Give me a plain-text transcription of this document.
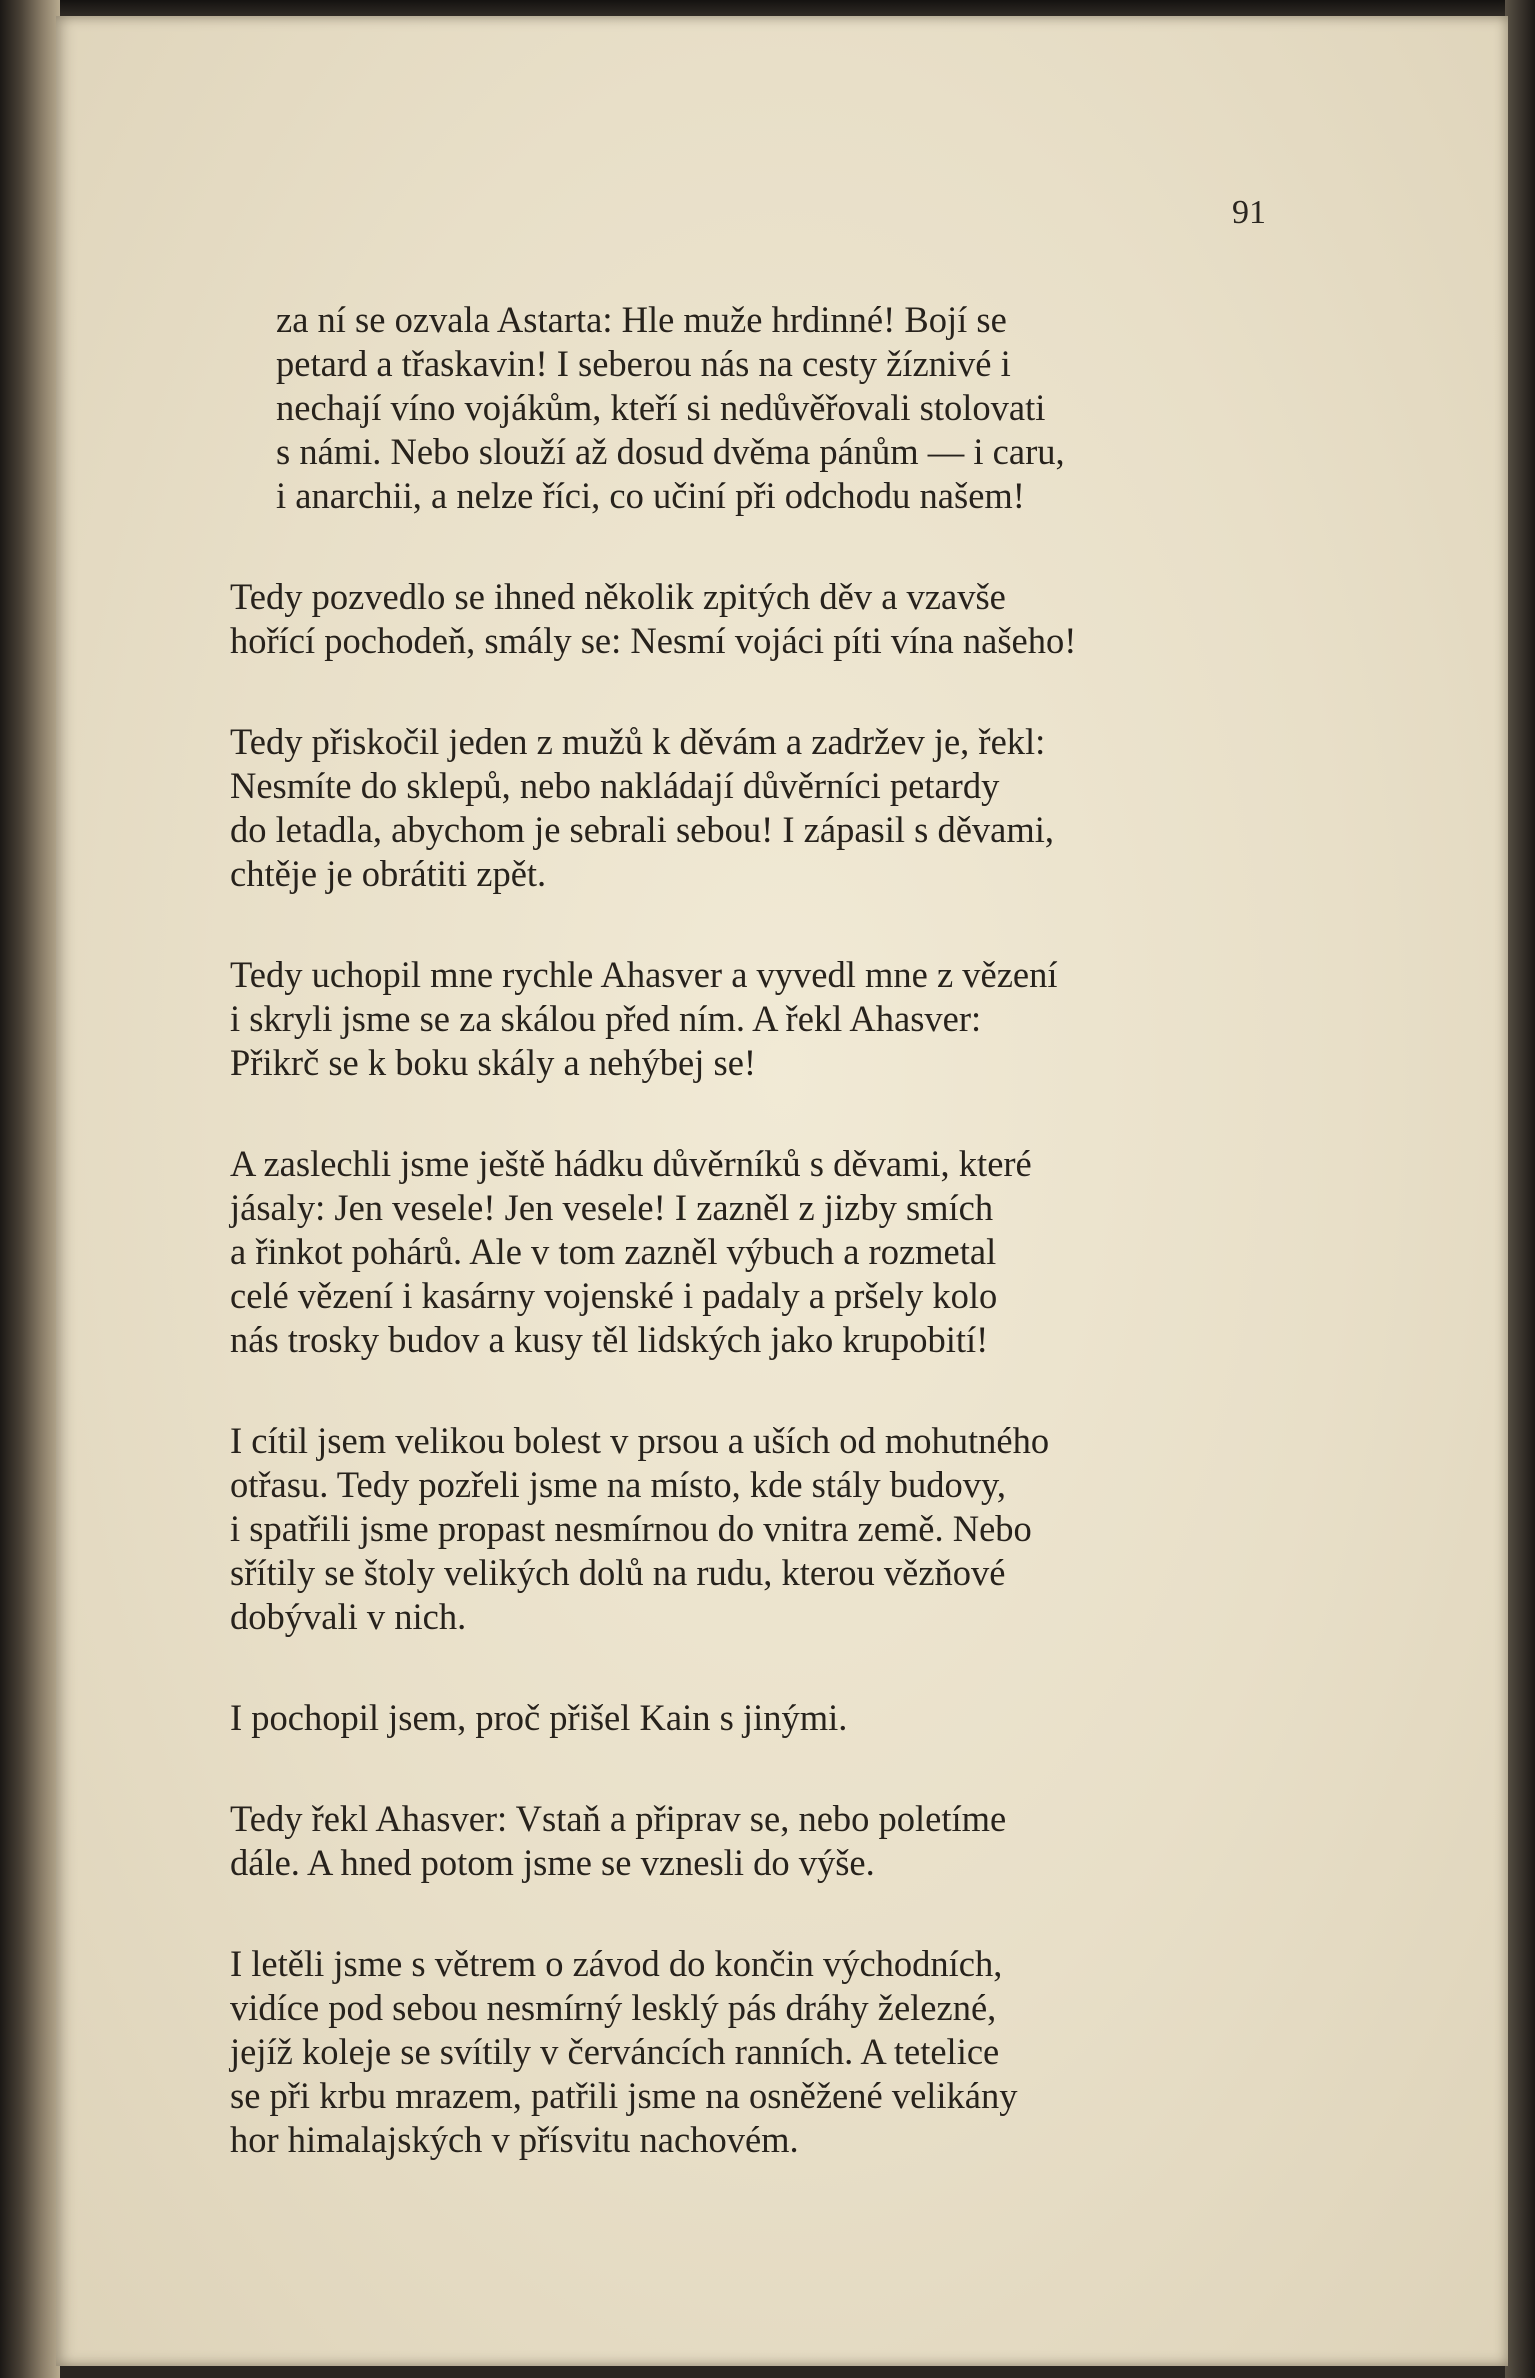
91
za ní se ozvala Astarta: Hle muže hrdinné! Bojí se
petard a třaskavin! I seberou nás na cesty žíznivé i
nechají víno vojákům, kteří si nedůvěřovali stolovati
s námi. Nebo slouží až dosud dvěma pánům — i caru,
i anarchii, a nelze říci, co učiní při odchodu našem!
Tedy pozvedlo se ihned několik zpitých děv a vzavše
hořící pochodeň, smály se: Nesmí vojáci píti vína našeho!
Tedy přiskočil jeden z mužů k děvám a zadržev je, řekl:
Nesmíte do sklepů, nebo nakládají důvěrníci petardy
do letadla, abychom je sebrali sebou! I zápasil s děvami,
chtěje je obrátiti zpět.
Tedy uchopil mne rychle Ahasver a vyvedl mne z vězení
i skryli jsme se za skálou před ním. A řekl Ahasver:
Přikrč se k boku skály a nehýbej se!
A zaslechli jsme ještě hádku důvěrníků s děvami, které
jásaly: Jen vesele! Jen vesele! I zazněl z jizby smích
a řinkot pohárů. Ale v tom zazněl výbuch a rozmetal
celé vězení i kasárny vojenské i padaly a pršely kolo
nás trosky budov a kusy těl lidských jako krupobití!
I cítil jsem velikou bolest v prsou a uších od mohutného
otřasu. Tedy pozřeli jsme na místo, kde stály budovy,
i spatřili jsme propast nesmírnou do vnitra země. Nebo
sřítily se štoly velikých dolů na rudu, kterou vězňové
dobývali v nich.
I pochopil jsem, proč přišel Kain s jinými.
Tedy řekl Ahasver: Vstaň a připrav se, nebo poletíme
dále. A hned potom jsme se vznesli do výše.
I letěli jsme s větrem o závod do končin východních,
vidíce pod sebou nesmírný lesklý pás dráhy železné,
jejíž koleje se svítily v červáncích ranních. A tetelice
se při krbu mrazem, patřili jsme na osněžené velikány
hor himalajských v přísvitu nachovém.
